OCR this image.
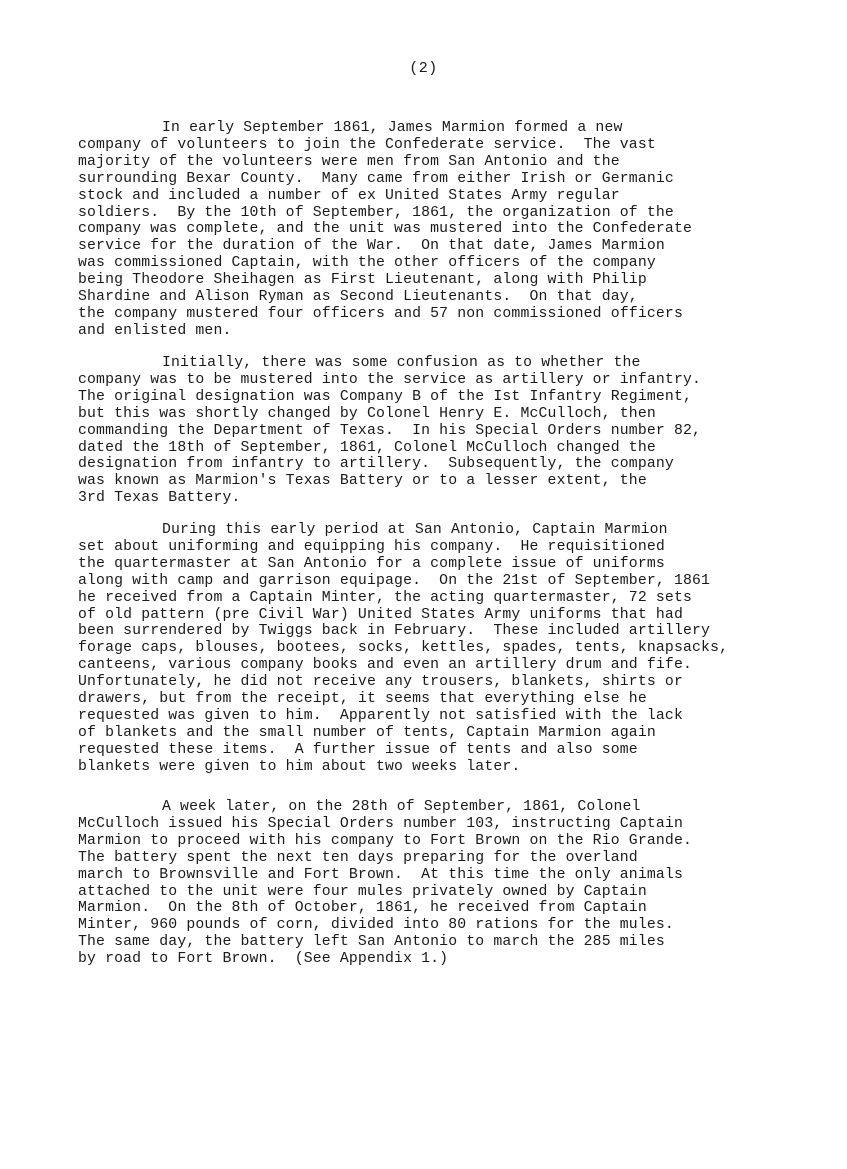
(2)
In early September 1861, James Marmion formed a new
company of volunteers to join the Confederate service.  The vast
majority of the volunteers were men from San Antonio and the
surrounding Bexar County.  Many came from either Irish or Germanic
stock and included a number of ex United States Army regular
soldiers.  By the 10th of September, 1861, the organization of the
company was complete, and the unit was mustered into the Confederate
service for the duration of the War.  On that date, James Marmion
was commissioned Captain, with the other officers of the company
being Theodore Sheihagen as First Lieutenant, along with Philip
Shardine and Alison Ryman as Second Lieutenants.  On that day,
the company mustered four officers and 57 non commissioned officers
and enlisted men.
Initially, there was some confusion as to whether the
company was to be mustered into the service as artillery or infantry.
The original designation was Company B of the Ist Infantry Regiment,
but this was shortly changed by Colonel Henry E. McCulloch, then
commanding the Department of Texas.  In his Special Orders number 82,
dated the 18th of September, 1861, Colonel McCulloch changed the
designation from infantry to artillery.  Subsequently, the company
was known as Marmion's Texas Battery or to a lesser extent, the
3rd Texas Battery.
During this early period at San Antonio, Captain Marmion
set about uniforming and equipping his company.  He requisitioned
the quartermaster at San Antonio for a complete issue of uniforms
along with camp and garrison equipage.  On the 21st of September, 1861
he received from a Captain Minter, the acting quartermaster, 72 sets
of old pattern (pre Civil War) United States Army uniforms that had
been surrendered by Twiggs back in February.  These included artillery
forage caps, blouses, bootees, socks, kettles, spades, tents, knapsacks,
canteens, various company books and even an artillery drum and fife.
Unfortunately, he did not receive any trousers, blankets, shirts or
drawers, but from the receipt, it seems that everything else he
requested was given to him.  Apparently not satisfied with the lack
of blankets and the small number of tents, Captain Marmion again
requested these items.  A further issue of tents and also some
blankets were given to him about two weeks later.
A week later, on the 28th of September, 1861, Colonel
McCulloch issued his Special Orders number 103, instructing Captain
Marmion to proceed with his company to Fort Brown on the Rio Grande.
The battery spent the next ten days preparing for the overland
march to Brownsville and Fort Brown.  At this time the only animals
attached to the unit were four mules privately owned by Captain
Marmion.  On the 8th of October, 1861, he received from Captain
Minter, 960 pounds of corn, divided into 80 rations for the mules.
The same day, the battery left San Antonio to march the 285 miles
by road to Fort Brown.  (See Appendix 1.)
